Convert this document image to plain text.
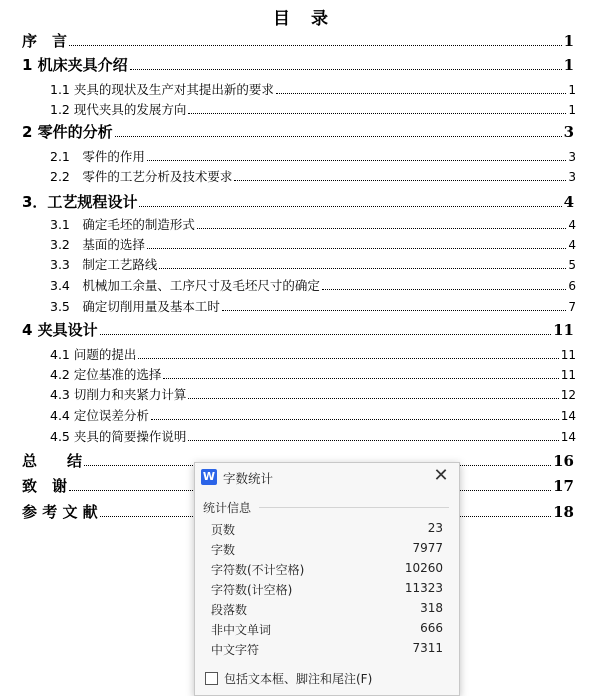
目　录
序　言	1
1 机床夹具介绍	1
1.1 夹具的现状及生产对其提出新的要求	1
1.2 现代夹具的发展方向	1
2 零件的分析	3
2.1　零件的作用	3
2.2　零件的工艺分析及技术要求	3
3．工艺规程设计	4
3.1　确定毛坯的制造形式	4
3.2　基面的选择	4
3.3　制定工艺路线	5
3.4　机械加工余量、工序尺寸及毛坯尺寸的确定	6
3.5　确定切削用量及基本工时	7
4 夹具设计	11
4.1 问题的提出	11
4.2 定位基准的选择	11
4.3 切削力和夹紧力计算	12
4.4 定位误差分析	14
4.5 夹具的简要操作说明	14
总　　结	16
致　谢	17
参 考 文 献	18
W 字数统计	✕
统计信息
页数	23
字数	7977
字符数(不计空格)	10260
字符数(计空格)	11323
段落数	318
非中文单词	666
中文字符	7311
包括文本框、脚注和尾注(F)
